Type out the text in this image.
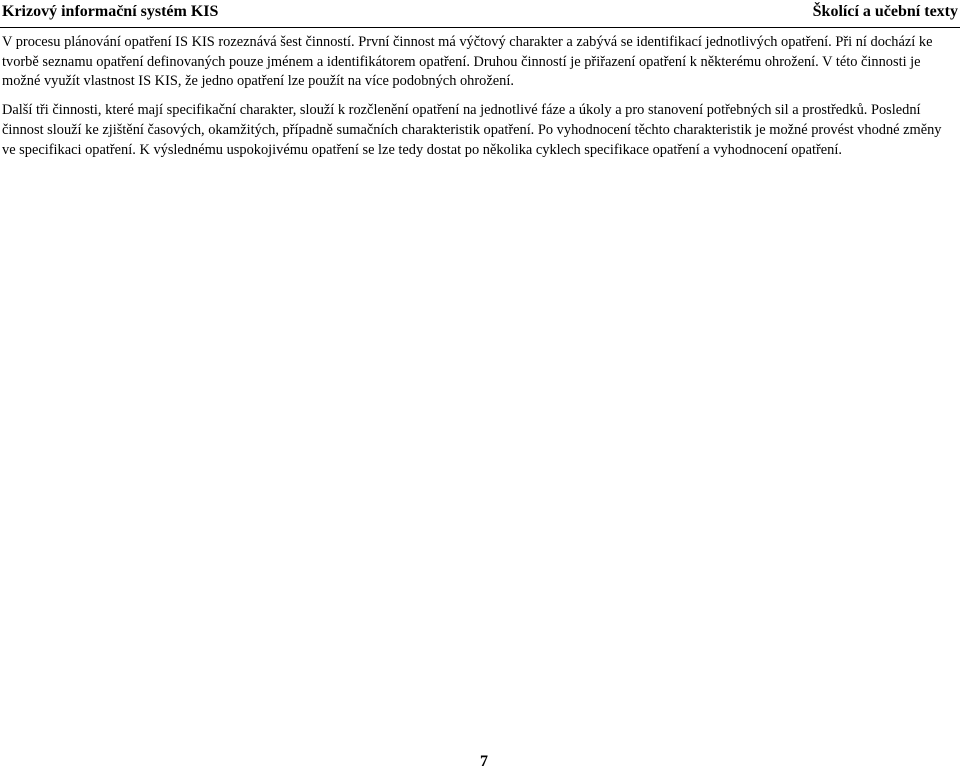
Krizový informační systém KIS	Školící a učební texty

V procesu plánování opatření IS KIS rozeznává šest činností. První činnost má výčtový charakter a zabývá se identifikací jednotlivých opatření. Při ní dochází ke tvorbě seznamu opatření definovaných pouze jménem a identifikátorem opatření. Druhou činností je přiřazení opatření k některému ohrožení. V této činnosti je možné využít vlastnost IS KIS, že jedno opatření lze použít na více podobných ohrožení.

Další tři činnosti, které mají specifikační charakter, slouží k rozčlenění opatření na jednotlivé fáze a úkoly a pro stanovení potřebných sil a prostředků. Poslední činnost slouží ke zjištění časových, okamžitých, případně sumačních charakteristik opatření. Po vyhodnocení těchto charakteristik je možné provést vhodné změny ve specifikaci opatření. K výslednému uspokojivému opatření se lze tedy dostat po několika cyklech specifikace opatření a vyhodnocení opatření.

7
